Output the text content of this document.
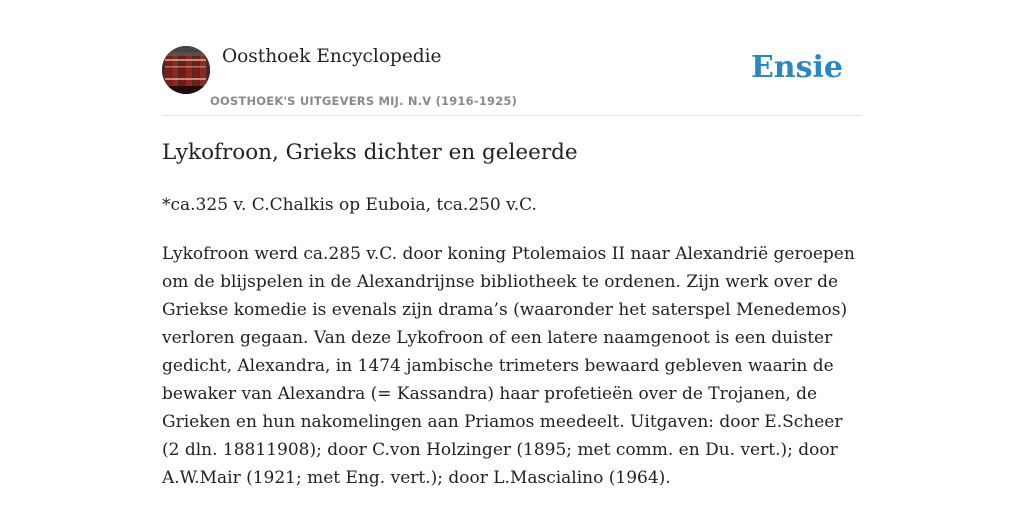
Oosthoek Encyclopedie
OOSTHOEK'S UITGEVERS MIJ. N.V (1916-1925)
Ensie
Lykofroon, Grieks dichter en geleerde

*ca.325 v. C.Chalkis op Euboia, tca.250 v.C.

Lykofroon werd ca.285 v.C. door koning Ptolemaios II naar Alexandrië geroepen om de blijspelen in de Alexandrijnse bibliotheek te ordenen. Zijn werk over de Griekse komedie is evenals zijn drama’s (waaronder het saterspel Menedemos) verloren gegaan. Van deze Lykofroon of een latere naamgenoot is een duister gedicht, Alexandra, in 1474 jambische trimeters bewaard gebleven waarin de bewaker van Alexandra (= Kassandra) haar profetieën over de Trojanen, de Grieken en hun nakomelingen aan Priamos meedeelt. Uitgaven: door E.Scheer (2 dln. 18811908); door C.von Holzinger (1895; met comm. en Du. vert.); door A.W.Mair (1921; met Eng. vert.); door L.Mascialino (1964).
